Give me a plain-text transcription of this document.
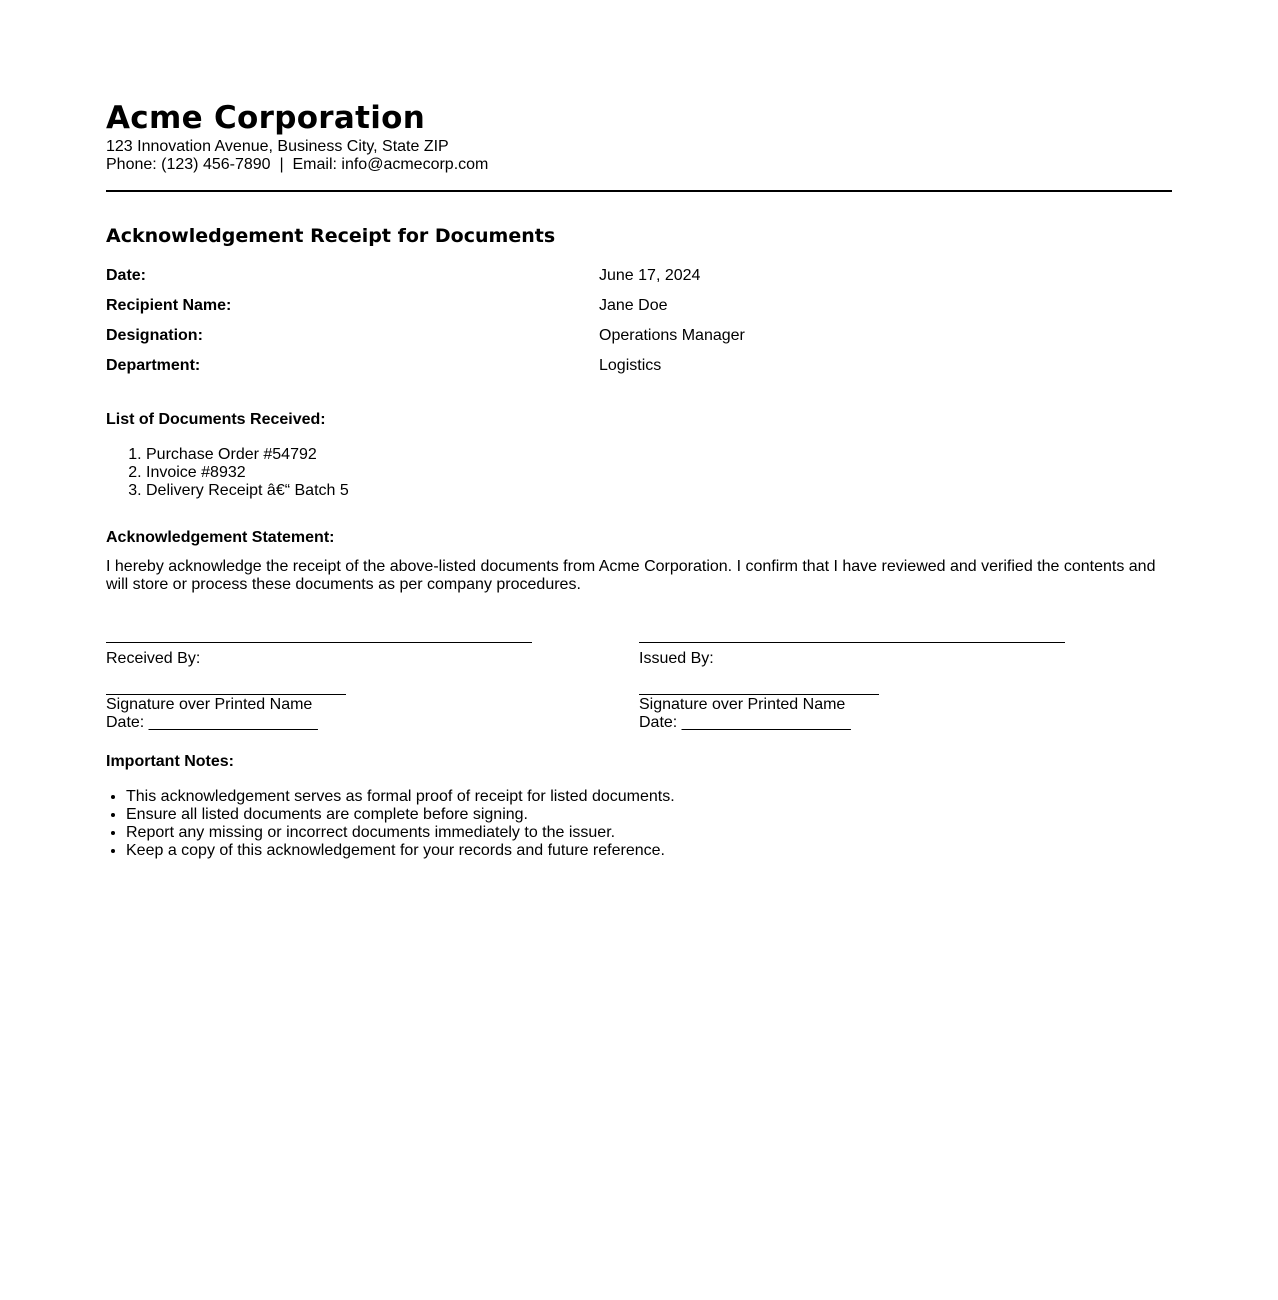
Acme Corporation

123 Innovation Avenue, Business City, State ZIP

Phone: (123) 456-7890  |  Email: info@acmecorp.com

Acknowledgement Receipt for Documents
Date:	June 17, 2024
Recipient Name:	Jane Doe
Designation:	Operations Manager
Department:	Logistics

List of Documents Received:

1. Purchase Order #54792
2. Invoice #8932
3. Delivery Receipt â€“ Batch 5

Acknowledgement Statement:

I hereby acknowledge the receipt of the above-listed documents from Acme Corporation. I confirm that I have reviewed and verified the contents and will store or process these documents as per company procedures.

Received By:
Signature over Printed Name
Date: ___________________
Issued By:
Signature over Printed Name
Date: ___________________

Important Notes:

• This acknowledgement serves as formal proof of receipt for listed documents.
• Ensure all listed documents are complete before signing.
• Report any missing or incorrect documents immediately to the issuer.
• Keep a copy of this acknowledgement for your records and future reference.
